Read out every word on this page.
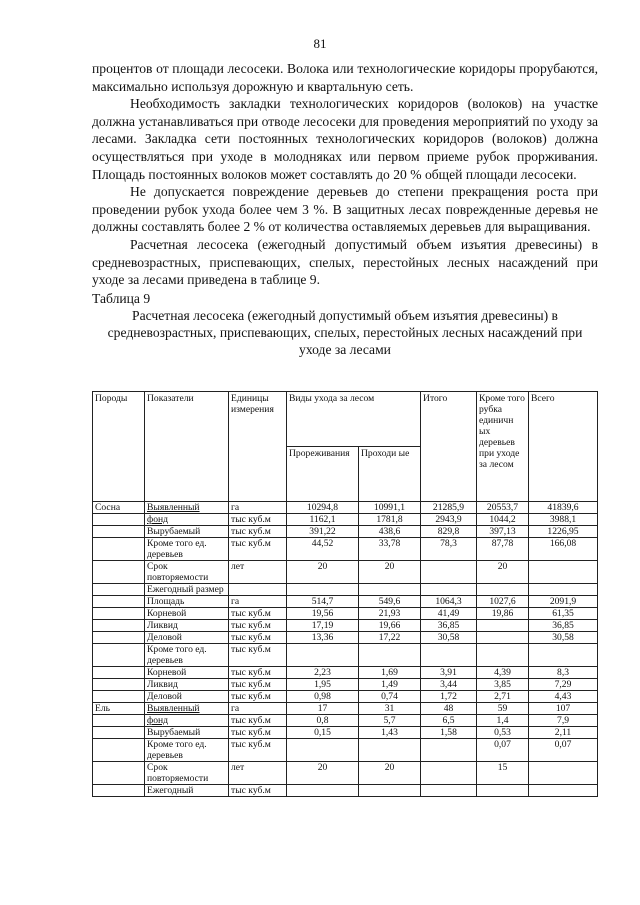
81

процентов от площади лесосеки. Волока или технологические коридоры прорубаются, максимально используя дорожную и квартальную сеть.

Необходимость закладки технологических коридоров (волоков) на участке должна устанавливаться при отводе лесосеки для проведения мероприятий по уходу за лесами. Закладка сети постоянных технологических коридоров (волоков) должна осуществляться при уходе в молодняках или первом приеме рубок прорживания. Площадь постоянных волоков может составлять до 20 % общей площади лесосеки.

Не допускается повреждение деревьев до степени прекращения роста при проведении рубок ухода более чем 3 %. В защитных лесах поврежденные деревья не должны составлять более 2 % от количества оставляемых деревьев для выращивания.

Расчетная лесосека (ежегодный допустимый объем изъятия древесины) в средневозрастных, приспевающих, спелых, перестойных лесных насаждений при уходе за лесами приведена в таблице 9.

Таблица 9

Расчетная лесосека (ежегодный допустимый объем изъятия древесины) в средневозрастных, приспевающих, спелых, перестойных лесных насаждений при уходе за лесами

Породы	Показатели	Единицы измерения	Виды ухода за лесом		Итого	Кроме того рубка единичн ых деревьев при уходе за лесом	Всего
			Прореживания	Проходи ые			
Сосна	Выявленный	га	10294,8	10991,1	21285,9	20553,7	41839,6
	фонд	тыс куб.м	1162,1	1781,8	2943,9	1044,2	3988,1
	Вырубаемый	тыс куб.м	391,22	438,6	829,8	397,13	1226,95
	Кроме того ед. деревьев	тыс куб.м	44,52	33,78	78,3	87,78	166,08
	Срок повторяемости	лет	20	20		20	
	Ежегодный размер						
	Площадь	га	514,7	549,6	1064,3	1027,6	2091,9
	Корневой	тыс куб.м	19,56	21,93	41,49	19,86	61,35
	Ликвид	тыс куб.м	17,19	19,66	36,85		36,85
	Деловой	тыс куб.м	13,36	17,22	30,58		30,58
	Кроме того ед. деревьев	тыс куб.м					
	Корневой	тыс куб.м	2,23	1,69	3,91	4,39	8,3
	Ликвид	тыс куб.м	1,95	1,49	3,44	3,85	7,29
	Деловой	тыс куб.м	0,98	0,74	1,72	2,71	4,43
Ель	Выявленный	га	17	31	48	59	107
	фонд	тыс куб.м	0,8	5,7	6,5	1,4	7,9
	Вырубаемый	тыс куб.м	0,15	1,43	1,58	0,53	2,11
	Кроме того ед. деревьев	тыс куб.м				0,07	0,07
	Срок повторяемости	лет	20	20		15	
	Ежегодный	тыс куб.м					
